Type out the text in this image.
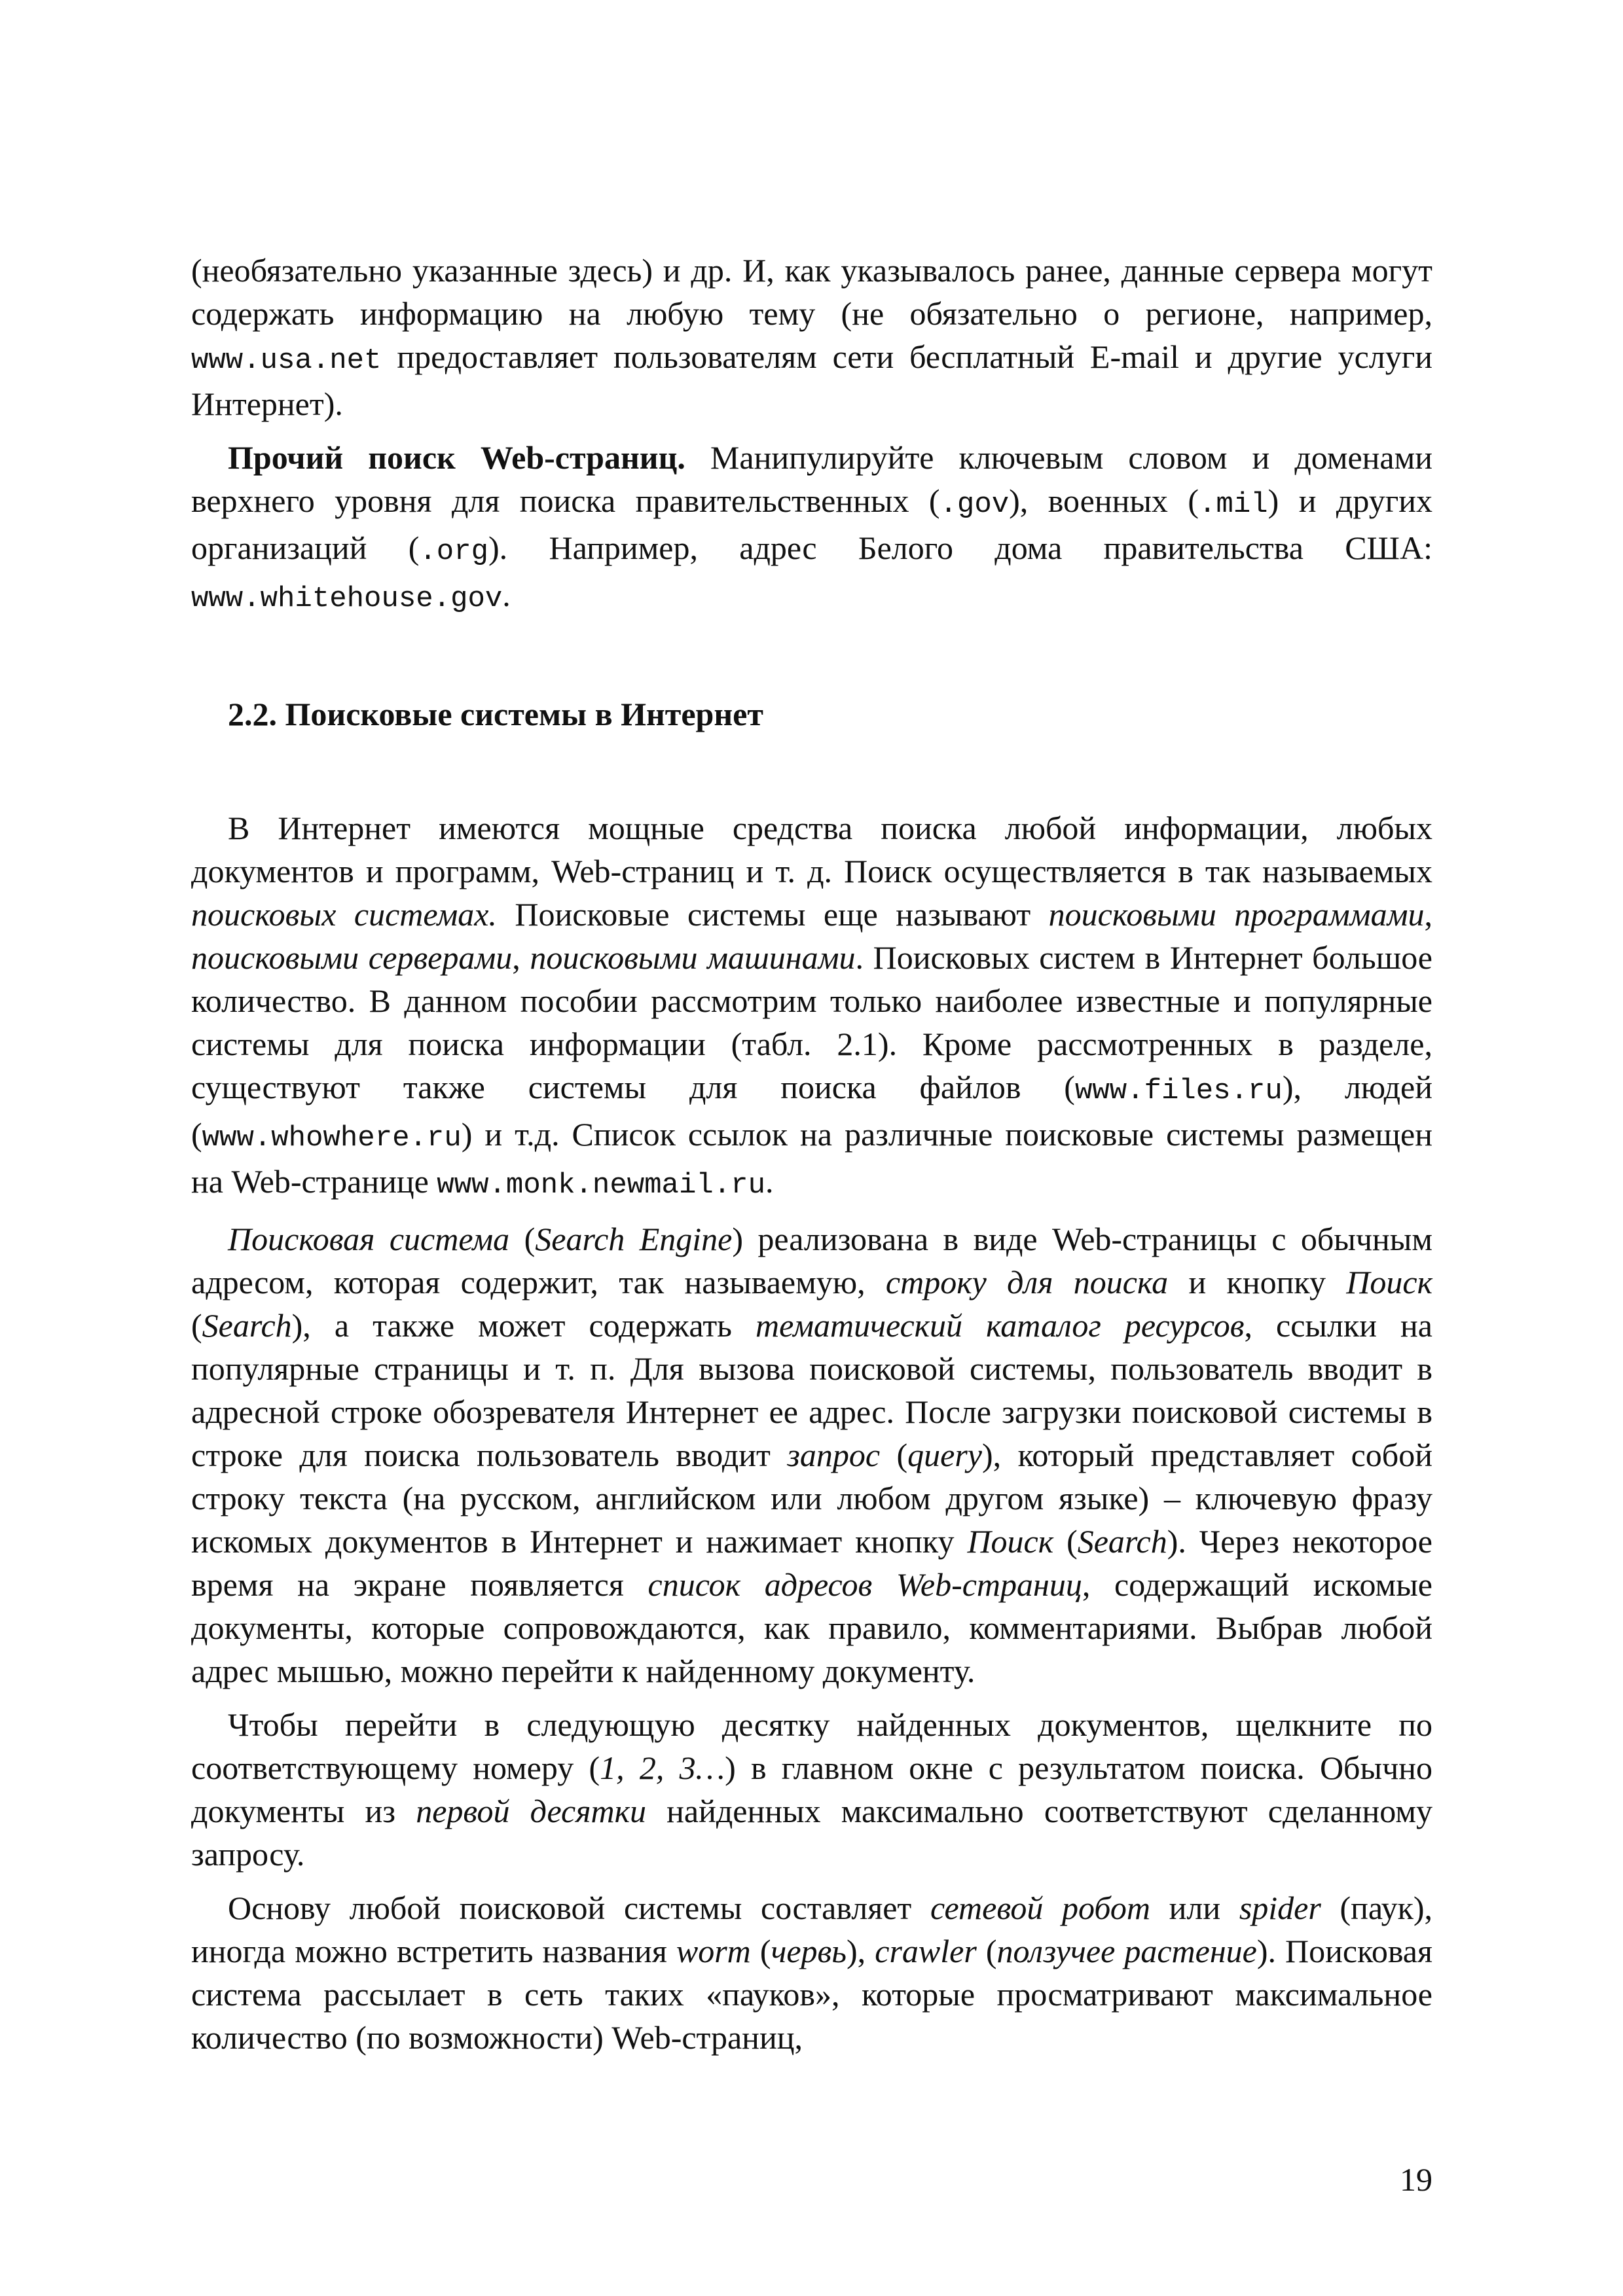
(необязательно указанные здесь) и др. И, как указывалось ранее, данные сервера могут содержать информацию на любую тему (не обязательно о регионе, например, www.usa.net предоставляет пользователям сети бесплатный E-mail и другие услуги Интернет).

Прочий поиск Web-страниц. Манипулируйте ключевым словом и доменами верхнего уровня для поиска правительственных (.gov), военных (.mil) и других организаций (.org). Например, адрес Белого дома правительства США: www.whitehouse.gov.

2.2. Поисковые системы в Интернет

В Интернет имеются мощные средства поиска любой информации, любых документов и программ, Web-страниц и т. д. Поиск осуществляется в так называемых поисковых системах. Поисковые системы еще называют поисковыми программами, поисковыми серверами, поисковыми машинами. Поисковых систем в Интернет большое количество. В данном пособии рассмотрим только наиболее известные и популярные системы для поиска информации (табл. 2.1). Кроме рассмотренных в разделе, существуют также системы для поиска файлов (www.files.ru), людей (www.whowhere.ru) и т.д. Список ссылок на различные поисковые системы размещен на Web-странице www.monk.newmail.ru.

Поисковая система (Search Engine) реализована в виде Web-страницы с обычным адресом, которая содержит, так называемую, строку для поиска и кнопку Поиск (Search), а также может содержать тематический каталог ресурсов, ссылки на популярные страницы и т. п. Для вызова поисковой системы, пользователь вводит в адресной строке обозревателя Интернет ее адрес. После загрузки поисковой системы в строке для поиска пользователь вводит запрос (query), который представляет собой строку текста (на русском, английском или любом другом языке) – ключевую фразу искомых документов в Интернет и нажимает кнопку Поиск (Search). Через некоторое время на экране появляется список адресов Web-страниц, содержащий искомые документы, которые сопровождаются, как правило, комментариями. Выбрав любой адрес мышью, можно перейти к найденному документу.

Чтобы перейти в следующую десятку найденных документов, щелкните по соответствующему номеру (1, 2, 3…) в главном окне с результатом поиска. Обычно документы из первой десятки найденных максимально соответствуют сделанному запросу.

Основу любой поисковой системы составляет сетевой робот или spider (паук), иногда можно встретить названия worm (червь), crawler (ползучее растение). Поисковая система рассылает в сеть таких «пауков», которые просматривают максимальное количество (по возможности) Web-страниц,

19
